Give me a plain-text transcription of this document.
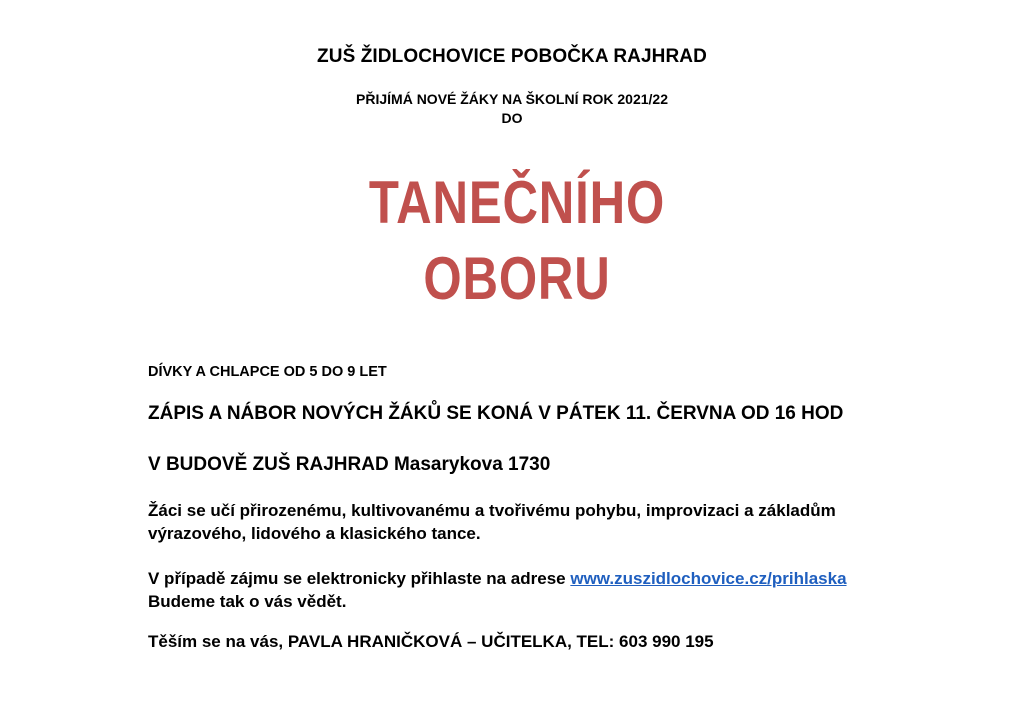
ZUŠ ŽIDLOCHOVICE POBOČKA RAJHRAD

PŘIJÍMÁ NOVÉ ŽÁKY NA ŠKOLNÍ ROK 2021/22
DO
TANEČNÍHO
OBORU

DÍVKY A CHLAPCE OD 5 DO 9 LET

ZÁPIS A NÁBOR NOVÝCH ŽÁKŮ SE KONÁ V PÁTEK 11. ČERVNA OD 16 HOD

V BUDOVĚ ZUŠ RAJHRAD Masarykova 1730

Žáci se učí přirozenému, kultivovanému a tvořivému pohybu, improvizaci a základům
výrazového, lidového a klasického tance.
V případě zájmu se elektronicky přihlaste na adrese www.zuszidlochovice.cz/prihlaska
Budeme tak o vás vědět.

Těším se na vás, PAVLA HRANIČKOVÁ – UČITELKA, TEL: 603 990 195
